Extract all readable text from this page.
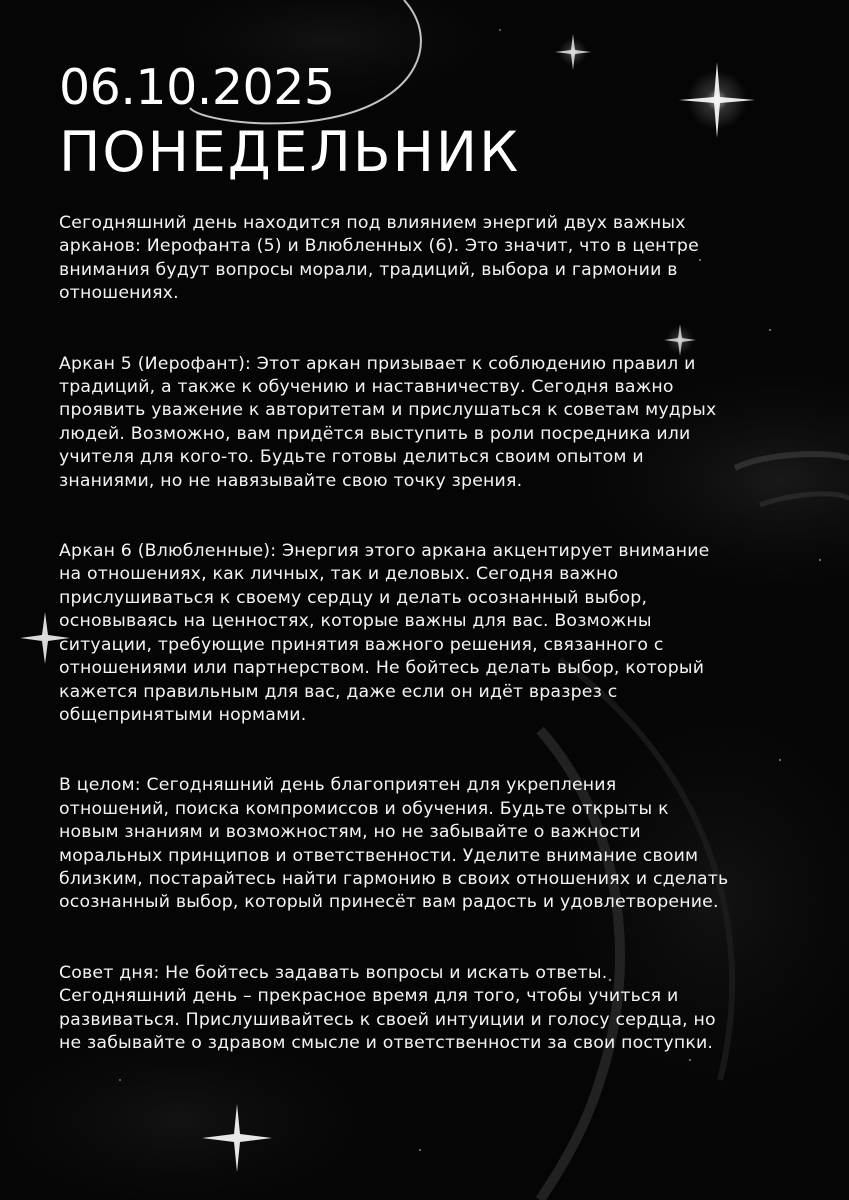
06.10.2025
ПОНЕДЕЛЬНИК

Сегодняшний день находится под влиянием энергий двух важных
арканов: Иерофанта (5) и Влюбленных (6). Это значит, что в центре
внимания будут вопросы морали, традиций, выбора и гармонии в
отношениях.

Аркан 5 (Иерофант): Этот аркан призывает к соблюдению правил и
традиций, а также к обучению и наставничеству. Сегодня важно
проявить уважение к авторитетам и прислушаться к советам мудрых
людей. Возможно, вам придётся выступить в роли посредника или
учителя для кого-то. Будьте готовы делиться своим опытом и
знаниями, но не навязывайте свою точку зрения.

Аркан 6 (Влюбленные): Энергия этого аркана акцентирует внимание
на отношениях, как личных, так и деловых. Сегодня важно
прислушиваться к своему сердцу и делать осознанный выбор,
основываясь на ценностях, которые важны для вас. Возможны
ситуации, требующие принятия важного решения, связанного с
отношениями или партнерством. Не бойтесь делать выбор, который
кажется правильным для вас, даже если он идёт вразрез с
общепринятыми нормами.

В целом: Сегодняшний день благоприятен для укрепления
отношений, поиска компромиссов и обучения. Будьте открыты к
новым знаниям и возможностям, но не забывайте о важности
моральных принципов и ответственности. Уделите внимание своим
близким, постарайтесь найти гармонию в своих отношениях и сделать
осознанный выбор, который принесёт вам радость и удовлетворение.

Совет дня: Не бойтесь задавать вопросы и искать ответы.
Сегодняшний день – прекрасное время для того, чтобы учиться и
развиваться. Прислушивайтесь к своей интуиции и голосу сердца, но
не забывайте о здравом смысле и ответственности за свои поступки.
